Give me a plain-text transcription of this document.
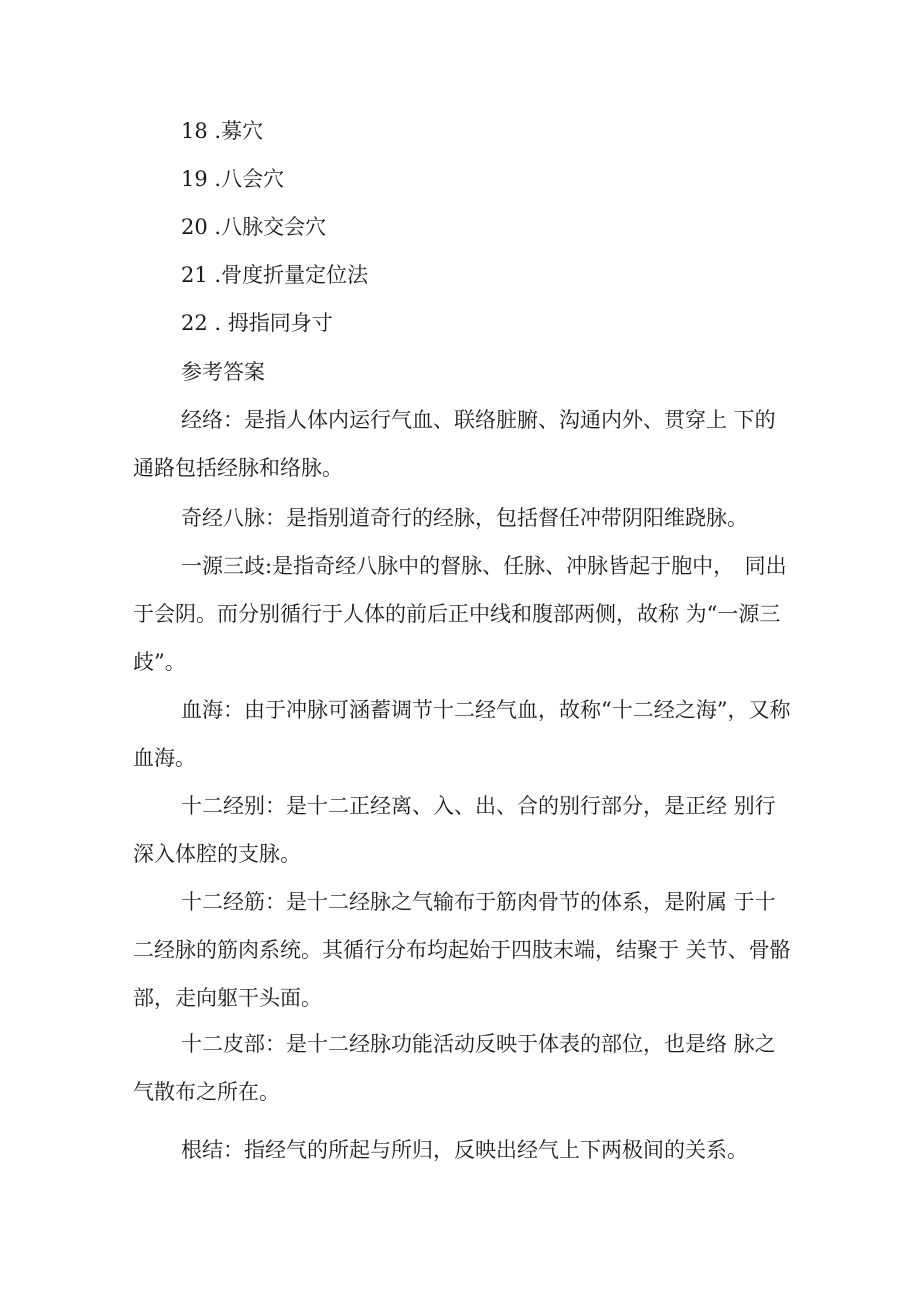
18 .募穴
19 .八会穴
20 .八脉交会穴
21 .骨度折量定位法
22 . 拇指同身寸
参考答案

经络：是指人体内运行气血、联络脏腑、沟通内外、贯穿上 下的通路包括经脉和络脉。

奇经八脉：是指别道奇行的经脉，包括督任冲带阴阳维跷脉。

一源三歧:是指奇经八脉中的督脉、任脉、冲脉皆起于胞中，　同出于会阴。而分别循行于人体的前后正中线和腹部两侧，故称 为“一源三歧”。

血海：由于冲脉可涵蓄调节十二经气血，故称“十二经之海”，又称血海。

十二经别：是十二正经离、入、出、合的别行部分，是正经 别行深入体腔的支脉。

十二经筋：是十二经脉之气输布于筋肉骨节的体系，是附属 于十二经脉的筋肉系统。其循行分布均起始于四肢末端，结聚于 关节、骨骼部，走向躯干头面。

十二皮部：是十二经脉功能活动反映于体表的部位，也是络 脉之气散布之所在。

根结：指经气的所起与所归，反映出经气上下两极间的关系。
